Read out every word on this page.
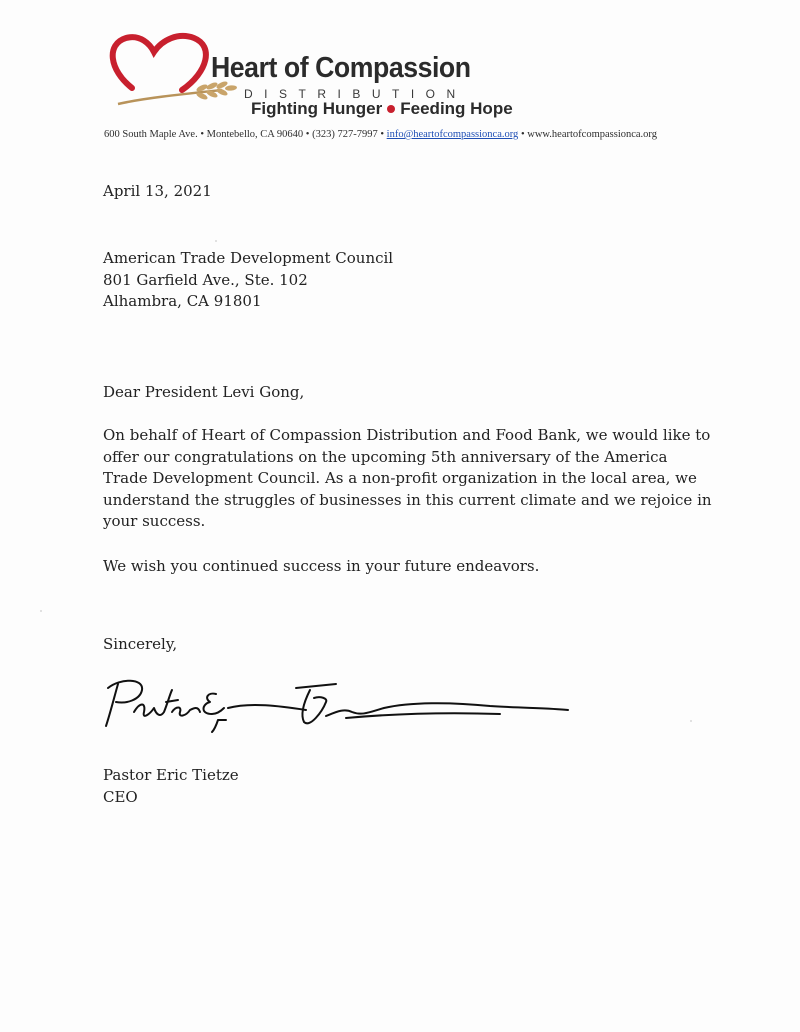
Heart of Compassion
DISTRIBUTION
Fighting Hunger Feeding Hope
600 South Maple Ave. • Montebello, CA 90640 • (323) 727-7997 • info@heartofcompassionca.org • www.heartofcompassionca.org
April 13, 2021
American Trade Development Council
801 Garfield Ave., Ste. 102
Alhambra, CA 91801
Dear President Levi Gong,
On behalf of Heart of Compassion Distribution and Food Bank, we would like to
offer our congratulations on the upcoming 5th anniversary of the America
Trade Development Council. As a non-profit organization in the local area, we
understand the struggles of businesses in this current climate and we rejoice in
your success.
We wish you continued success in your future endeavors.
Sincerely,
Pastor Eric Tietze
CEO
